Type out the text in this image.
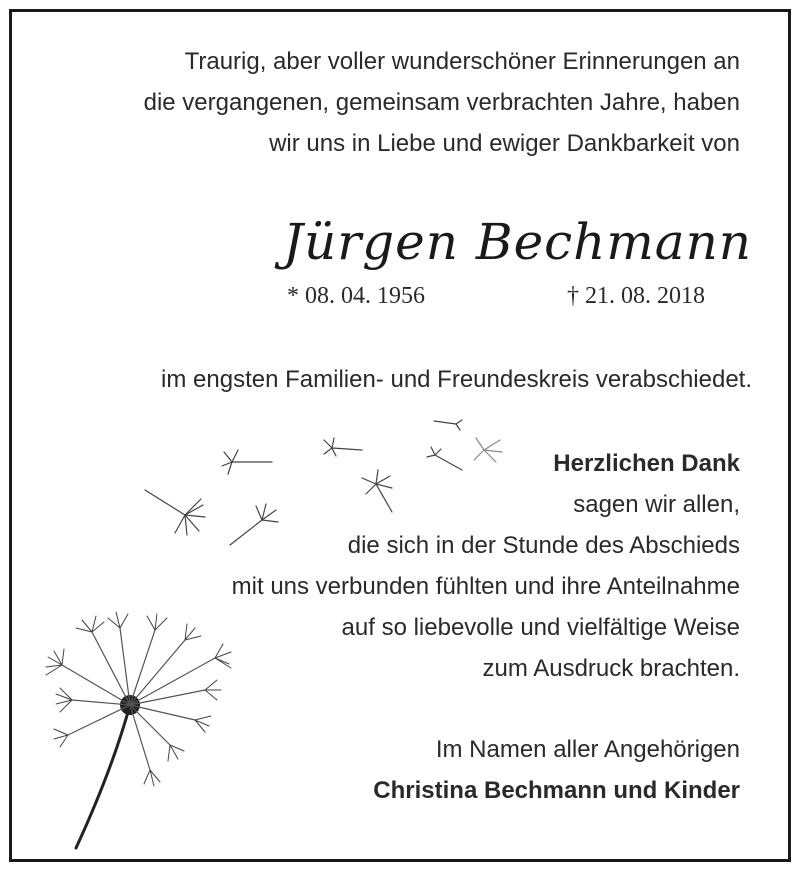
Traurig, aber voller wunderschöner Erinnerungen an
die vergangenen, gemeinsam verbrachten Jahre, haben
wir uns in Liebe und ewiger Dankbarkeit von
Jürgen Bechmann
* 08. 04. 1956	† 21. 08. 2018
im engsten Familien- und Freundeskreis verabschiedet.
Herzlichen Dank
sagen wir allen,
die sich in der Stunde des Abschieds
mit uns verbunden fühlten und ihre Anteilnahme
auf so liebevolle und vielfältige Weise
zum Ausdruck brachten.
Im Namen aller Angehörigen
Christina Bechmann und Kinder
